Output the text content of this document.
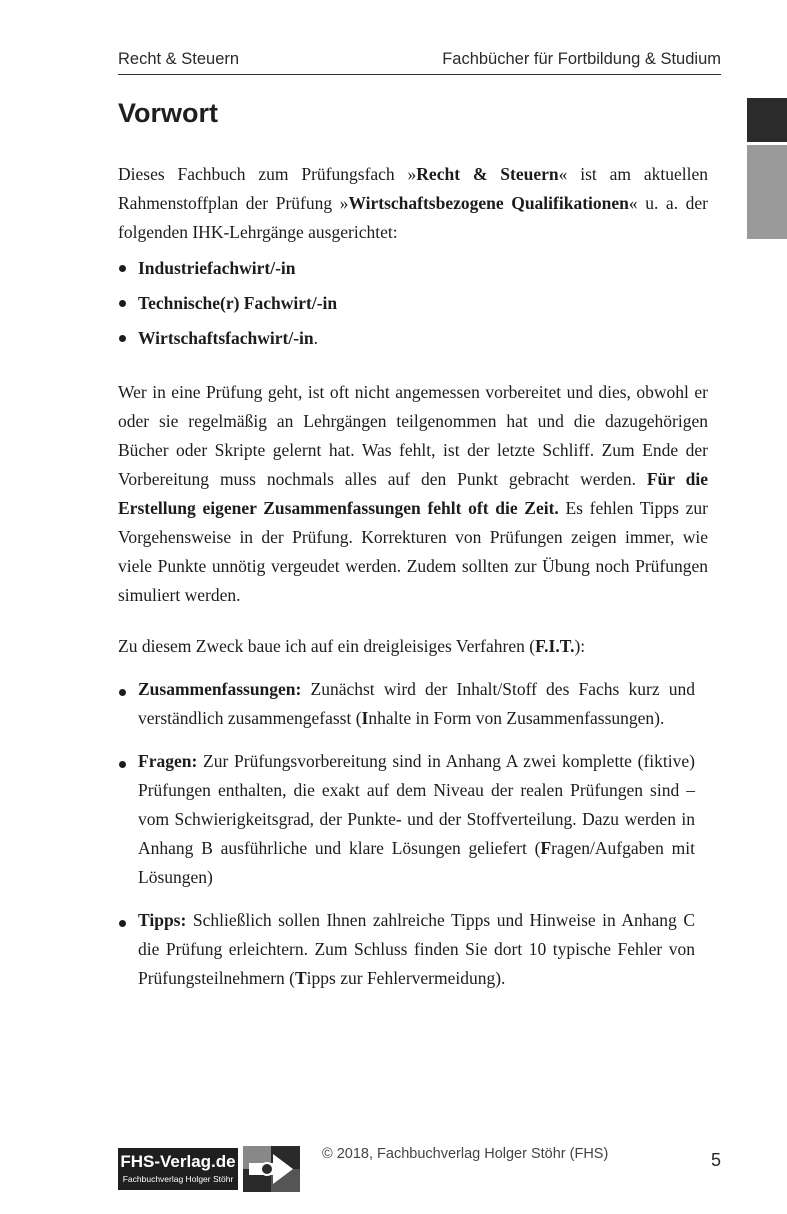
Recht & Steuern	Fachbücher für Fortbildung & Studium
Vorwort

Dieses Fachbuch zum Prüfungsfach »Recht & Steuern« ist am aktuellen Rahmenstoffplan der Prüfung »Wirtschaftsbezogene Qualifikationen« u. a. der folgenden IHK-Lehrgänge ausgerichtet:

Industriefachwirt/-in
Technische(r) Fachwirt/-in
Wirtschaftsfachwirt/-in.

Wer in eine Prüfung geht, ist oft nicht angemessen vorbereitet und dies, obwohl er oder sie regelmäßig an Lehrgängen teilgenommen hat und die dazugehörigen Bücher oder Skripte gelernt hat. Was fehlt, ist der letzte Schliff. Zum Ende der Vorbereitung muss nochmals alles auf den Punkt gebracht werden. Für die Erstellung eigener Zusammenfassungen fehlt oft die Zeit. Es fehlen Tipps zur Vorgehensweise in der Prüfung. Korrekturen von Prüfungen zeigen immer, wie viele Punkte unnötig vergeudet werden. Zudem sollten zur Übung noch Prüfungen simuliert werden.

Zu diesem Zweck baue ich auf ein dreigleisiges Verfahren (F.I.T.):

Zusammenfassungen: Zunächst wird der Inhalt/Stoff des Fachs kurz und verständlich zusammengefasst (Inhalte in Form von Zusammenfassungen).
Fragen: Zur Prüfungsvorbereitung sind in Anhang A zwei komplette (fiktive) Prüfungen enthalten, die exakt auf dem Niveau der realen Prüfungen sind – vom Schwierigkeitsgrad, der Punkte- und der Stoffverteilung. Dazu werden in Anhang B ausführliche und klare Lösungen geliefert (Fragen/Aufgaben mit Lösungen)
Tipps: Schließlich sollen Ihnen zahlreiche Tipps und Hinweise in Anhang C die Prüfung erleichtern. Zum Schluss finden Sie dort 10 typische Fehler von Prüfungsteilnehmern (Tipps zur Fehlervermeidung).
FHS-Verlag.de
Fachbuchverlag Holger Stöhr
© 2018, Fachbuchverlag Holger Stöhr (FHS)	5
